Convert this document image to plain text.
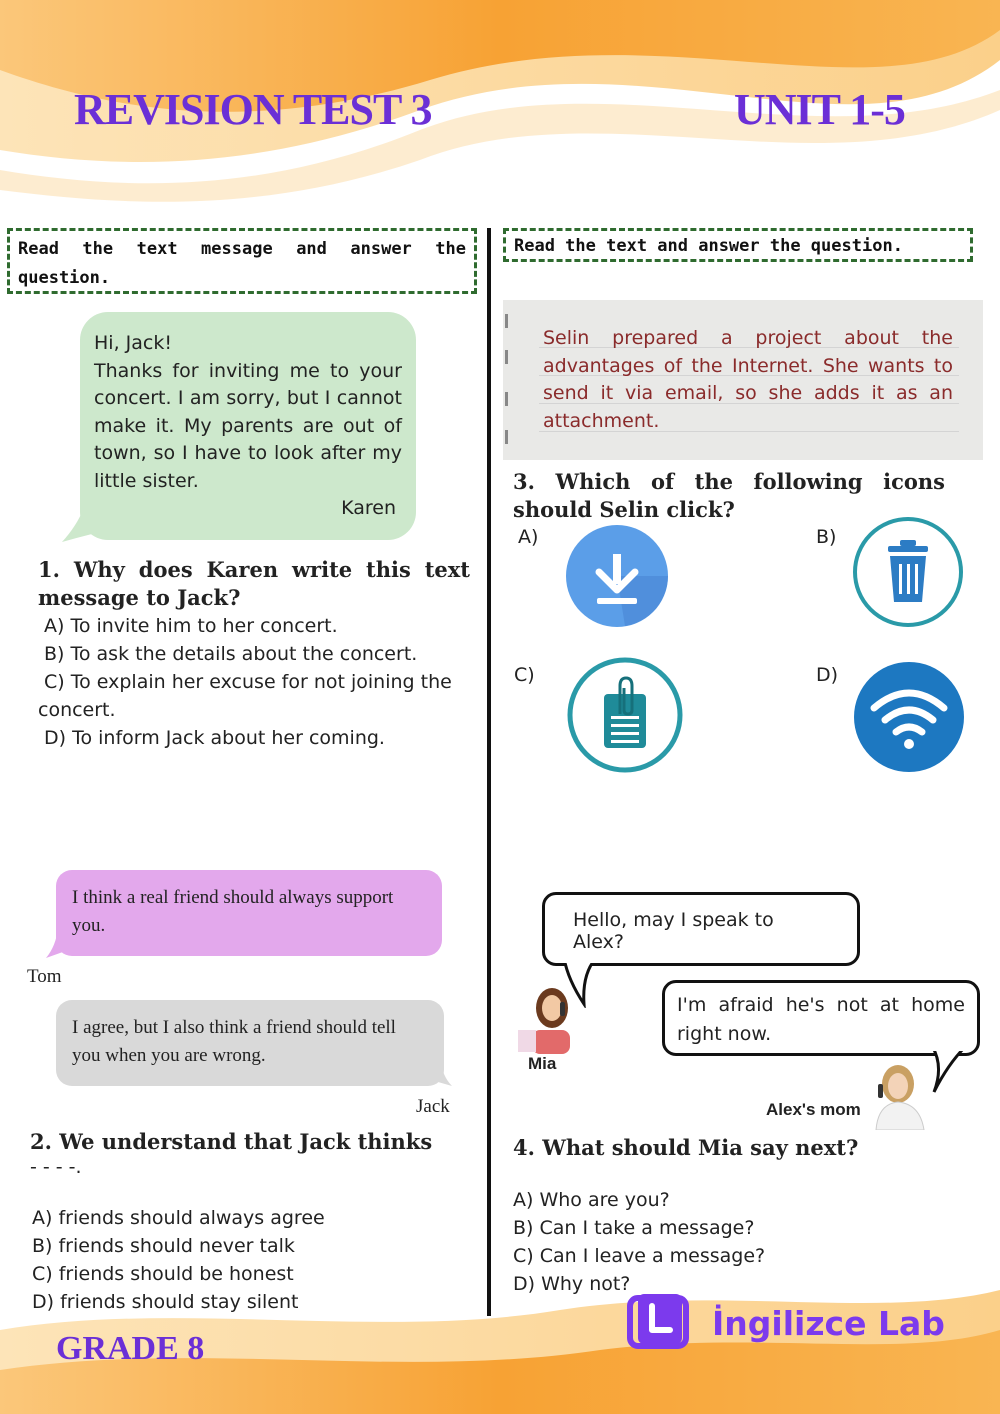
REVISION TEST 3	UNIT 1-5
Read the text message and answer the question.
Hi, Jack!
Thanks for inviting me to your concert. I am sorry, but I cannot make it. My parents are out of town, so I have to look after my little sister.
Karen
1. Why does Karen write this text message to Jack?
A) To invite him to her concert.
B) To ask the details about the concert.
C) To explain her excuse for not joining the
concert.
D) To inform Jack about her coming.
I think a real friend should always support you.
Tom
I agree, but I also think a friend should tell you when you are wrong.
Jack
2. We understand that Jack thinks
- - - -.
A) friends should always agree
B) friends should never talk
C) friends should be honest
D) friends should stay silent
Read the text and answer the question.
Selin prepared a project about the advantages of the Internet. She wants to send it via email, so she adds it as an attachment.
3. Which of the following icons should Selin click?
A)	B)
C)	D)
Hello, may I speak to Alex?
I'm afraid he's not at home right now.
Mia
Alex's mom
4. What should Mia say next?
A) Who are you?
B) Can I take a message?
C) Can I leave a message?
D) Why not?
GRADE 8
İngilizce Lab
